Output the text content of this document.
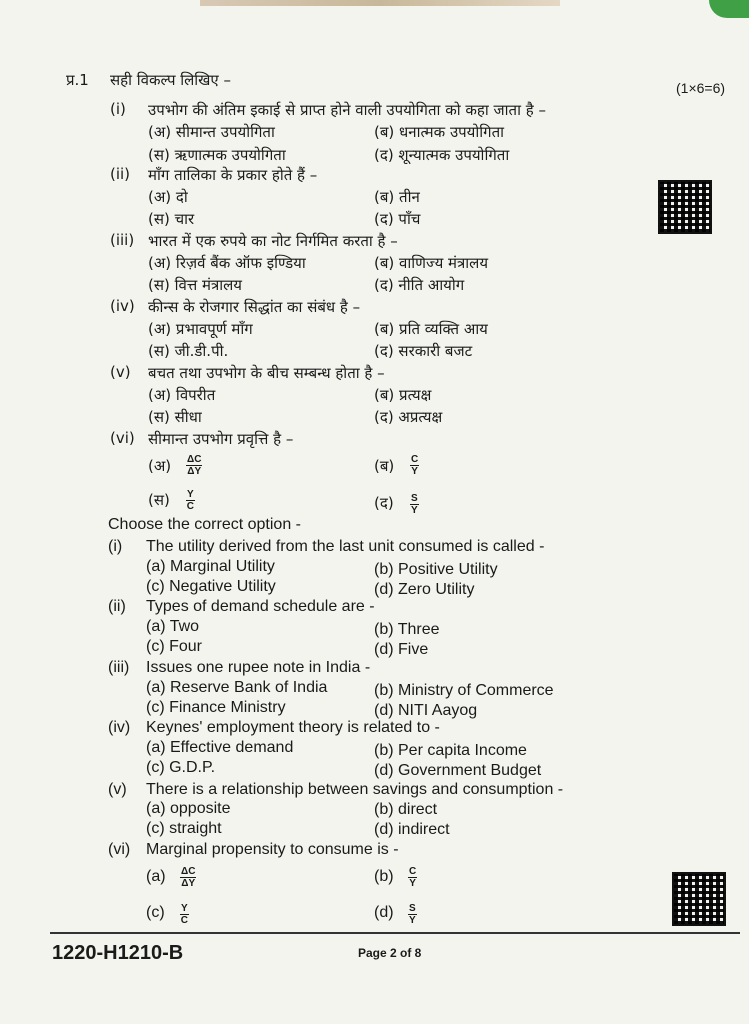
प्र.1 सही विकल्प लिखिए –	(1×6=6)
(i) उपभोग की अंतिम इकाई से प्राप्त होने वाली उपयोगिता को कहा जाता है –
(अ) सीमान्त उपयोगिता	(ब) धनात्मक उपयोगिता
(स) ऋणात्मक उपयोगिता	(द) शून्यात्मक उपयोगिता
(ii) माँग तालिका के प्रकार होते हैं –
(अ) दो	(ब) तीन
(स) चार	(द) पाँच
(iii) भारत में एक रुपये का नोट निर्गमित करता है –
(अ) रिज़र्व बैंक ऑफ इण्डिया	(ब) वाणिज्य मंत्रालय
(स) वित्त मंत्रालय	(द) नीति आयोग
(iv) कीन्स के रोजगार सिद्धांत का संबंध है –
(अ) प्रभावपूर्ण माँग	(ब) प्रति व्यक्ति आय
(स) जी.डी.पी.	(द) सरकारी बजट
(v) बचत तथा उपभोग के बीच सम्बन्ध होता है –
(अ) विपरीत	(ब) प्रत्यक्ष
(स) सीधा	(द) अप्रत्यक्ष
(vi) सीमान्त उपभोग प्रवृत्ति है –
(अ) $\frac{\Delta C}{\Delta Y}$	(ब) $\frac{C}{Y}$
(स) $\frac{Y}{C}$	(द) $\frac{S}{Y}$
Choose the correct option -
(i) The utility derived from the last unit consumed is called -
(a) Marginal Utility	(b) Positive Utility
(c) Negative Utility	(d) Zero Utility
(ii) Types of demand schedule are -
(a) Two	(b) Three
(c) Four	(d) Five
(iii) Issues one rupee note in India -
(a) Reserve Bank of India	(b) Ministry of Commerce
(c) Finance Ministry	(d) NITI Aayog
(iv) Keynes' employment theory is related to -
(a) Effective demand	(b) Per capita Income
(c) G.D.P.	(d) Government Budget
(v) There is a relationship between savings and consumption -
(a) opposite	(b) direct
(c) straight	(d) indirect
(vi) Marginal propensity to consume is -
$(a) \frac{\Delta C}{\Delta Y}$	$(b) \frac{C}{Y}$
$(c) \frac{Y}{C}$	$(d) \frac{S}{Y}$
1220-H1210-B	Page 2 of 8
